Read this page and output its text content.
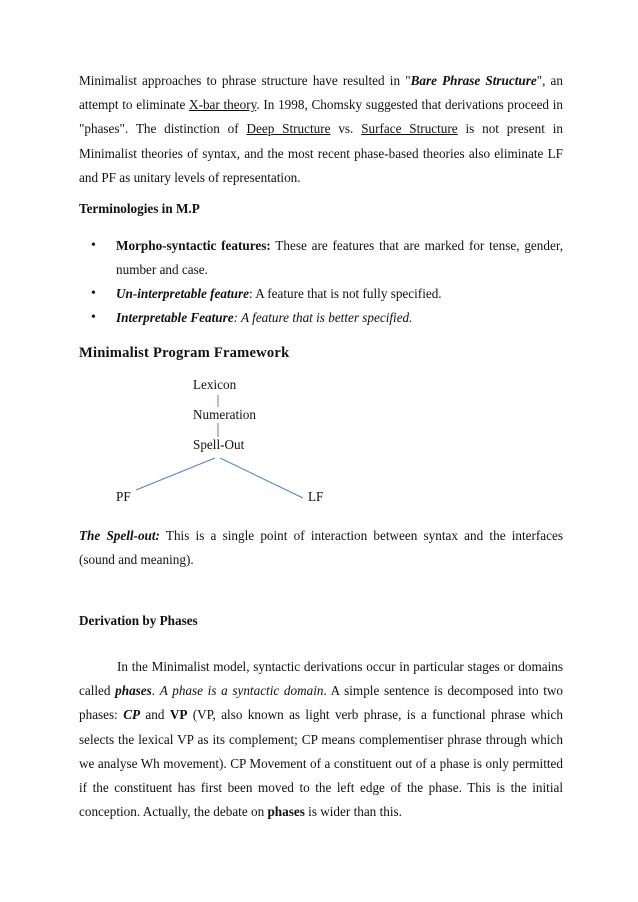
Minimalist approaches to phrase structure have resulted in "Bare Phrase Structure", an attempt to eliminate X-bar theory. In 1998, Chomsky suggested that derivations proceed in "phases". The distinction of Deep Structure vs. Surface Structure is not present in Minimalist theories of syntax, and the most recent phase-based theories also eliminate LF and PF as unitary levels of representation.

Terminologies in M.P

• Morpho-syntactic features: These are features that are marked for tense, gender, number and case.
• Un-interpretable feature: A feature that is not fully specified.
• Interpretable Feature: A feature that is better specified.

Minimalist Program Framework

Lexicon
Numeration
Spell-Out
PF	LF

The Spell-out: This is a single point of interaction between syntax and the interfaces (sound and meaning).

Derivation by Phases

In the Minimalist model, syntactic derivations occur in particular stages or domains called phases. A phase is a syntactic domain. A simple sentence is decomposed into two phases: CP and VP (VP, also known as light verb phrase, is a functional phrase which selects the lexical VP as its complement; CP means complementiser phrase through which we analyse Wh movement). CP Movement of a constituent out of a phase is only permitted if the constituent has first been moved to the left edge of the phase. This is the initial conception. Actually, the debate on phases is wider than this.
